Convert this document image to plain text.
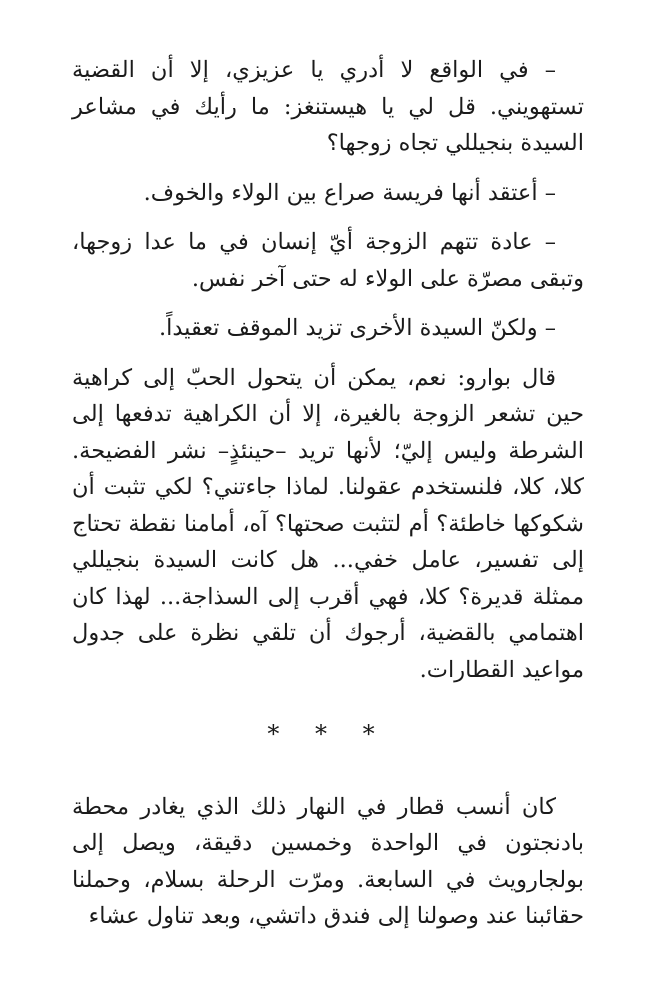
– في الواقع لا أدري يا عزيزي، إلا أن القضية تستهويني. قل لي يا هيستنغز: ما رأيك في مشاعر السيدة بنجيللي تجاه زوجها؟

– أعتقد أنها فريسة صراع بين الولاء والخوف.

– عادة تتهم الزوجة أيّ إنسان في ما عدا زوجها، وتبقى مصرّة على الولاء له حتى آخر نفس.

– ولكنّ السيدة الأخرى تزيد الموقف تعقيداً.

قال بوارو: نعم، يمكن أن يتحول الحبّ إلى كراهية حين تشعر الزوجة بالغيرة، إلا أن الكراهية تدفعها إلى الشرطة وليس إليّ؛ لأنها تريد –حينئذٍ– نشر الفضيحة. كلا، كلا، فلنستخدم عقولنا. لماذا جاءتني؟ لكي تثبت أن شكوكها خاطئة؟ أم لتثبت صحتها؟ آه، أمامنا نقطة تحتاج إلى تفسير، عامل خفي... هل كانت السيدة بنجيللي ممثلة قديرة؟ كلا، فهي أقرب إلى السذاجة... لهذا كان اهتمامي بالقضية، أرجوك أن تلقي نظرة على جدول مواعيد القطارات.

* * *

كان أنسب قطار في النهار ذلك الذي يغادر محطة بادنجتون في الواحدة وخمسين دقيقة، ويصل إلى بولجارويث في السابعة. ومرّت الرحلة بسلام، وحملنا حقائبنا عند وصولنا إلى فندق داتشي، وبعد تناول عشاء
